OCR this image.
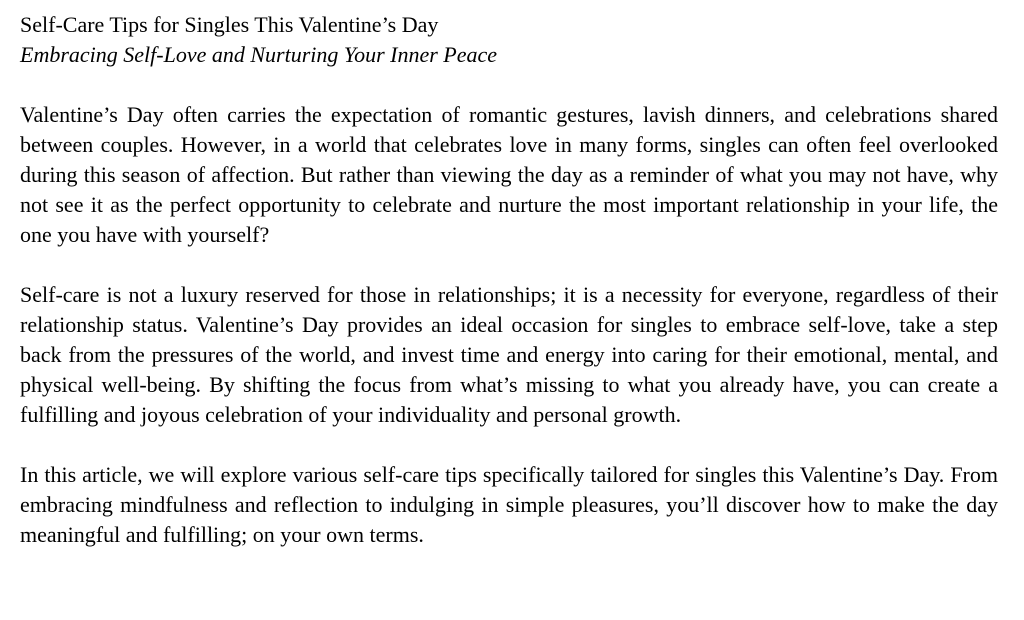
Self-Care Tips for Singles This Valentine’s Day
Embracing Self-Love and Nurturing Your Inner Peace

Valentine’s Day often carries the expectation of romantic gestures, lavish dinners, and celebrations shared between couples. However, in a world that celebrates love in many forms, singles can often feel overlooked during this season of affection. But rather than viewing the day as a reminder of what you may not have, why not see it as the perfect opportunity to celebrate and nurture the most important relationship in your life, the one you have with yourself?

Self-care is not a luxury reserved for those in relationships; it is a necessity for everyone, regardless of their relationship status. Valentine’s Day provides an ideal occasion for singles to embrace self-love, take a step back from the pressures of the world, and invest time and energy into caring for their emotional, mental, and physical well-being. By shifting the focus from what’s missing to what you already have, you can create a fulfilling and joyous celebration of your individuality and personal growth.

In this article, we will explore various self-care tips specifically tailored for singles this Valentine’s Day. From embracing mindfulness and reflection to indulging in simple pleasures, you’ll discover how to make the day meaningful and fulfilling; on your own terms.
